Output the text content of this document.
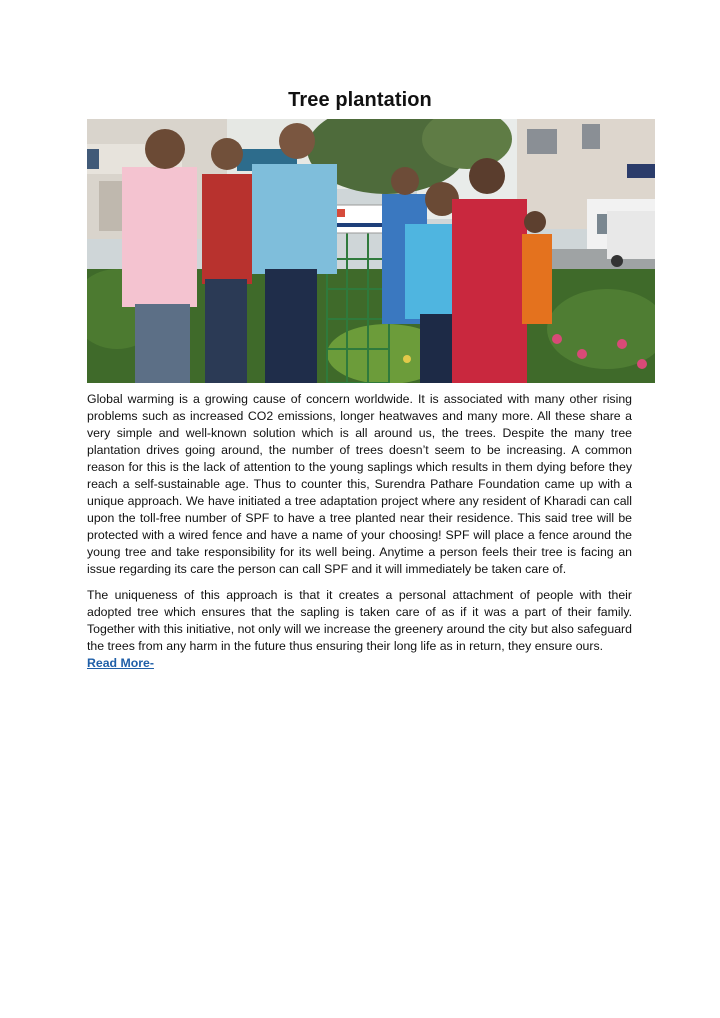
Tree plantation

Global warming is a growing cause of concern worldwide. It is associated with many other rising problems such as increased CO2 emissions, longer heatwaves and many more. All these share a very simple and well-known solution which is all around us, the trees. Despite the many tree plantation drives going around, the number of trees doesn’t seem to be increasing. A common reason for this is the lack of attention to the young saplings which results in them dying before they reach a self-sustainable age. Thus to counter this, Surendra Pathare Foundation came up with a unique approach. We have initiated a tree adaptation project where any resident of Kharadi can call upon the toll-free number of SPF to have a tree planted near their residence. This said tree will be protected with a wired fence and have a name of your choosing! SPF will place a fence around the young tree and take responsibility for its well being. Anytime a person feels their tree is facing an issue regarding its care the person can call SPF and it will immediately be taken care of.

The uniqueness of this approach is that it creates a personal attachment of people with their adopted tree which ensures that the sapling is taken care of as if it was a part of their family. Together with this initiative, not only will we increase the greenery around the city but also safeguard the trees from any harm in the future thus ensuring their long life as in return, they ensure ours.

Read More-
